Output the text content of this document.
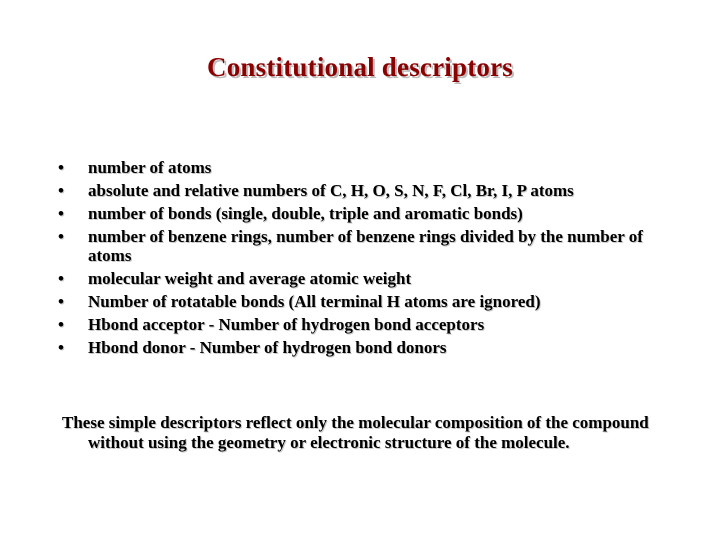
Constitutional descriptors
• number of atoms
• absolute and relative numbers of C, H, O, S, N, F, Cl, Br, I, P atoms
• number of bonds (single, double, triple and aromatic bonds)
• number of benzene rings, number of benzene rings divided by the number of atoms
• molecular weight and average atomic weight
• Number of rotatable bonds (All terminal H atoms are ignored)
• Hbond acceptor - Number of hydrogen bond acceptors
• Hbond donor - Number of hydrogen bond donors
These simple descriptors reflect only the molecular composition of the compound without using the geometry or electronic structure of the molecule.
